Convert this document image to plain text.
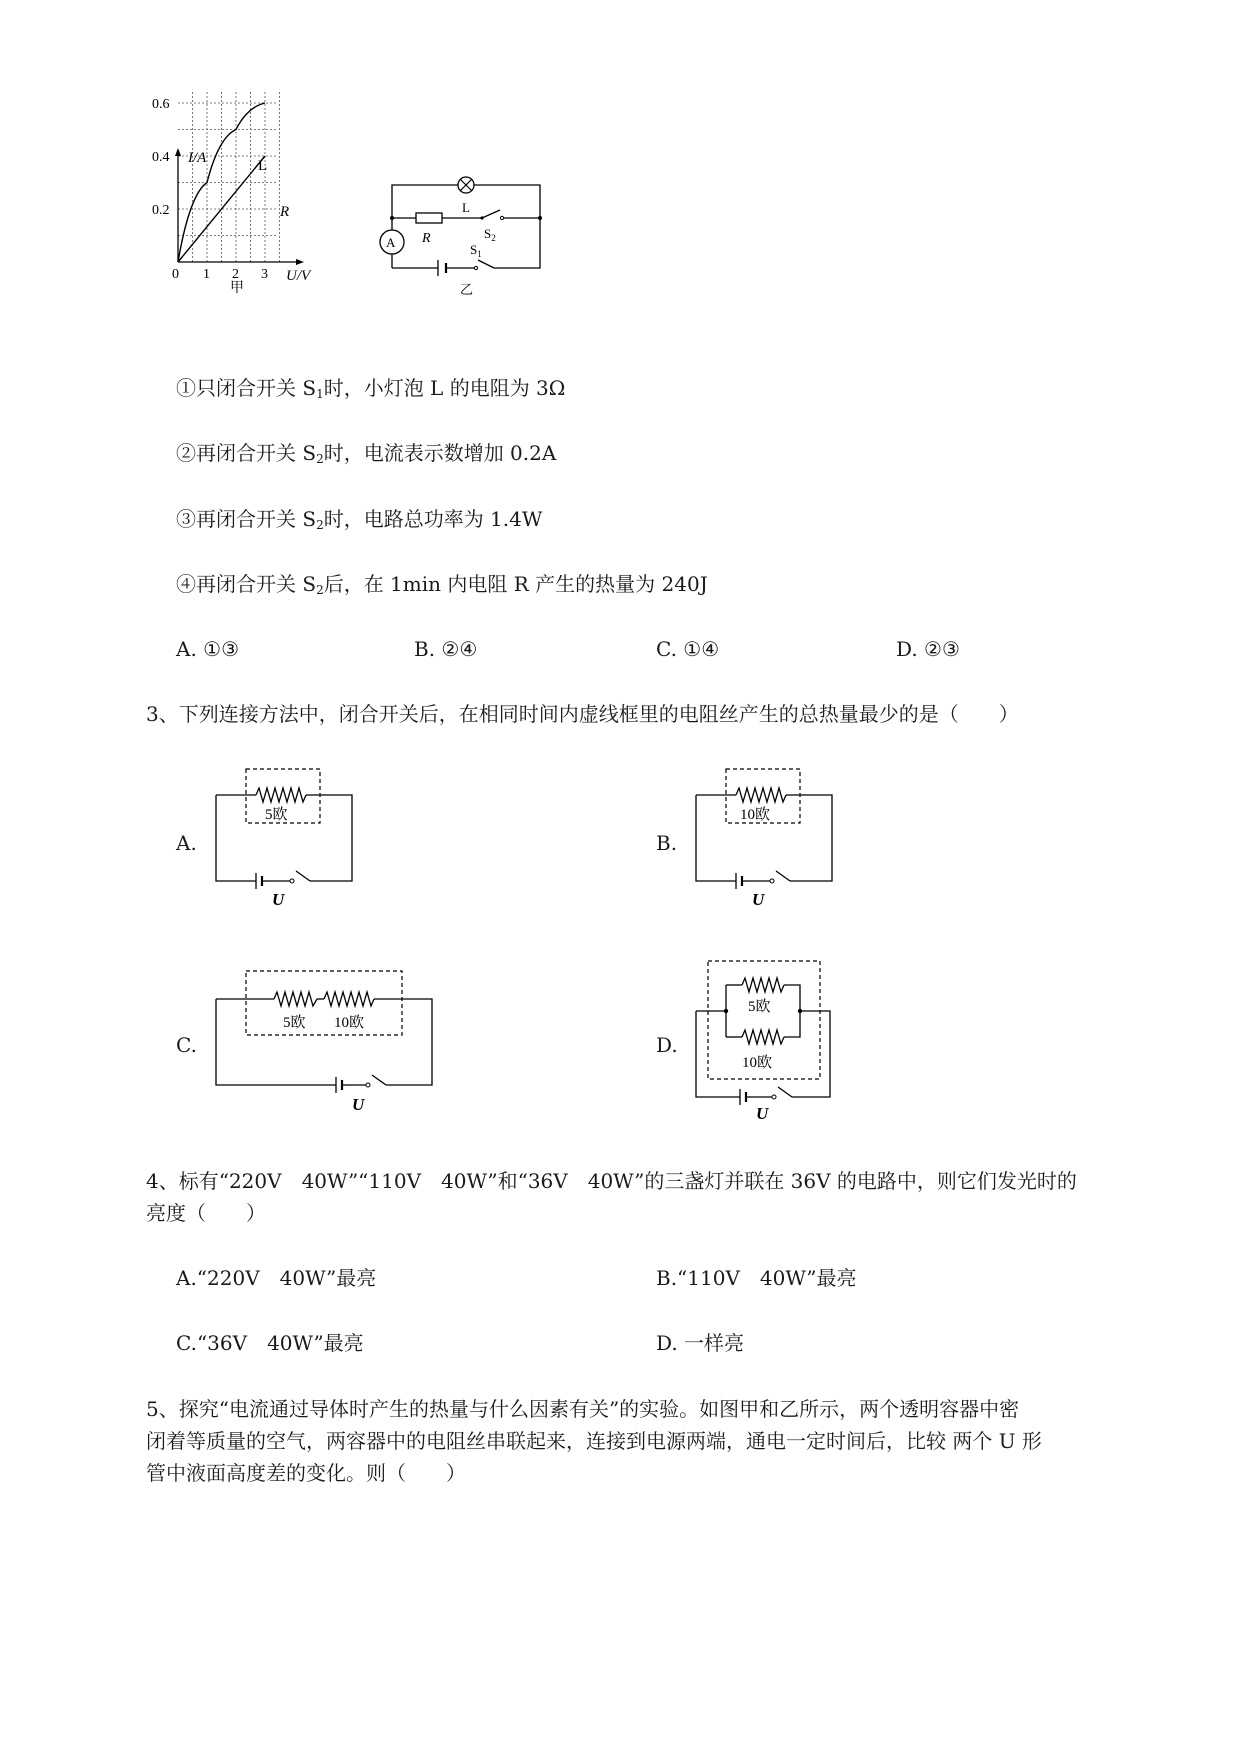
I/A
U/V
0.6
0.4
0.2
0 1 2 3
L
R
甲
L
R	$S_2$
$S_1$
A
乙
①只闭合开关 $S_1$时，小灯泡 L 的电阻为 3Ω
②再闭合开关 $S_2$时，电流表示数增加 0.2A
③再闭合开关 $S_2$时，电路总功率为 1.4W
④再闭合开关 $S_2$后，在 1min 内电阻 R 产生的热量为 240J
A. ①③	B. ②④	C. ①④	D. ②③
3、下列连接方法中，闭合开关后，在相同时间内虚线框里的电阻丝产生的总热量最少的是（　　）
A.
5欧
U
B.
10欧
U
C.
5欧 10欧
U
D.
5欧
10欧
U
4、标有“220V　40W”“110V　40W”和“36V　40W”的三盏灯并联在 36V 的电路中，则它们发光时的
亮度（　　）
A.“220V　40W”最亮	B.“110V　40W”最亮
C.“36V　40W”最亮	D. 一样亮
5、探究“电流通过导体时产生的热量与什么因素有关”的实验。如图甲和乙所示，两个透明容器中密
闭着等质量的空气，两容器中的电阻丝串联起来，连接到电源两端，通电一定时间后，比较 两个 U 形
管中液面高度差的变化。则（　　）
